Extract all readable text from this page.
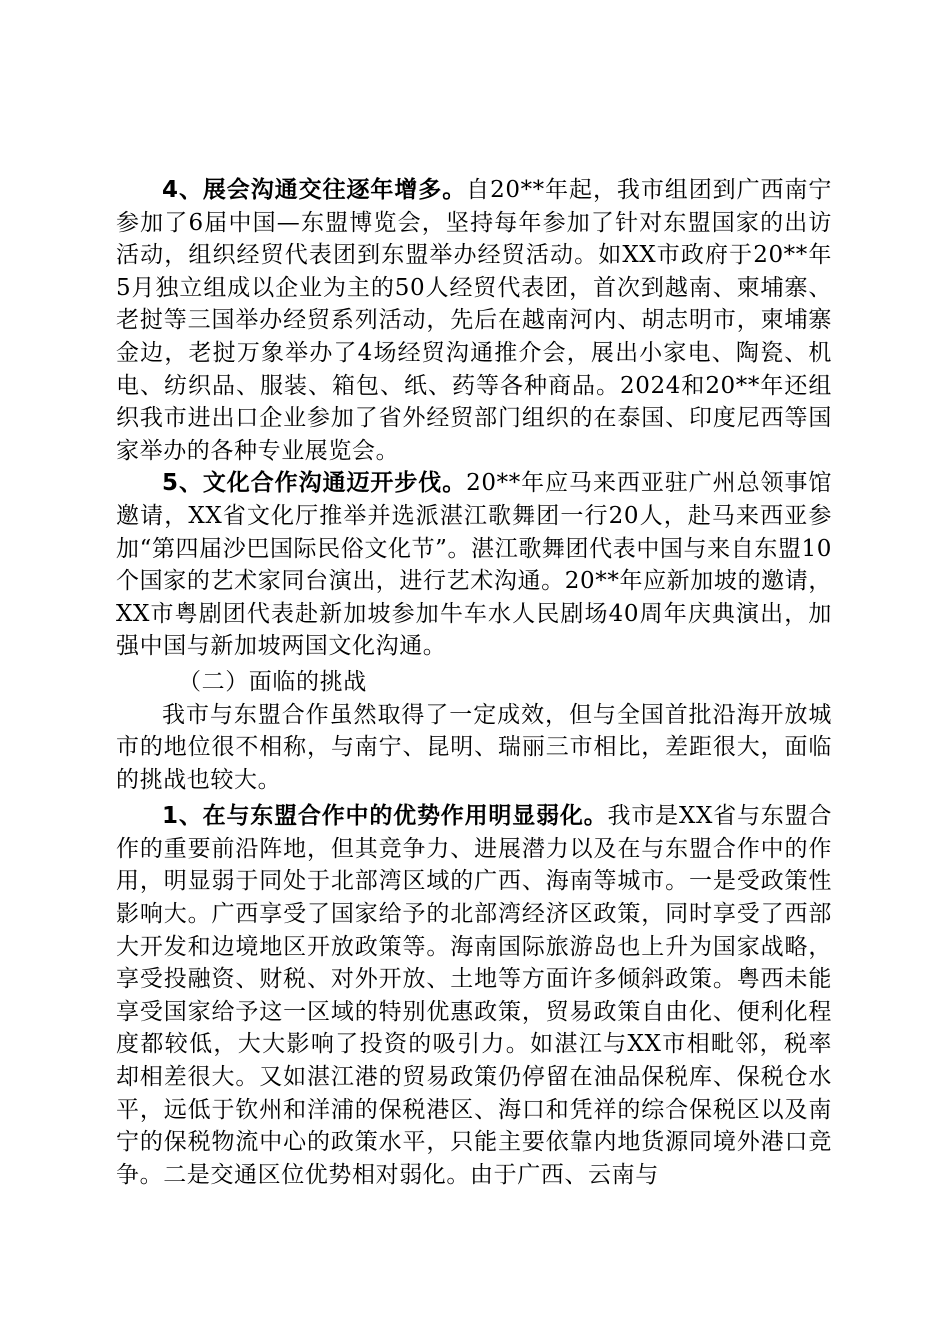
4、展会沟通交往逐年增多。自20**年起，我市组团到广西南宁参加了6届中国—东盟博览会，坚持每年参加了针对东盟国家的出访活动，组织经贸代表团到东盟举办经贸活动。如XX市政府于20**年5月独立组成以企业为主的50人经贸代表团，首次到越南、柬埔寨、老挝等三国举办经贸系列活动，先后在越南河内、胡志明市，柬埔寨金边，老挝万象举办了4场经贸沟通推介会，展出小家电、陶瓷、机电、纺织品、服装、箱包、纸、药等各种商品。2024和20**年还组织我市进出口企业参加了省外经贸部门组织的在泰国、印度尼西等国家举办的各种专业展览会。

5、文化合作沟通迈开步伐。20**年应马来西亚驻广州总领事馆邀请，XX省文化厅推举并选派湛江歌舞团一行20人，赴马来西亚参加“第四届沙巴国际民俗文化节”。湛江歌舞团代表中国与来自东盟10个国家的艺术家同台演出，进行艺术沟通。20**年应新加坡的邀请，XX市粤剧团代表赴新加坡参加牛车水人民剧场40周年庆典演出，加强中国与新加坡两国文化沟通。

（二）面临的挑战

我市与东盟合作虽然取得了一定成效，但与全国首批沿海开放城市的地位很不相称，与南宁、昆明、瑞丽三市相比，差距很大，面临的挑战也较大。

1、在与东盟合作中的优势作用明显弱化。我市是XX省与东盟合作的重要前沿阵地，但其竞争力、进展潜力以及在与东盟合作中的作用，明显弱于同处于北部湾区域的广西、海南等城市。一是受政策性影响大。广西享受了国家给予的北部湾经济区政策，同时享受了西部大开发和边境地区开放政策等。海南国际旅游岛也上升为国家战略，享受投融资、财税、对外开放、土地等方面许多倾斜政策。粤西未能享受国家给予这一区域的特别优惠政策，贸易政策自由化、便利化程度都较低，大大影响了投资的吸引力。如湛江与XX市相毗邻，税率却相差很大。又如湛江港的贸易政策仍停留在油品保税库、保税仓水平，远低于钦州和洋浦的保税港区、海口和凭祥的综合保税区以及南宁的保税物流中心的政策水平，只能主要依靠内地货源同境外港口竞争。二是交通区位优势相对弱化。由于广西、云南与
